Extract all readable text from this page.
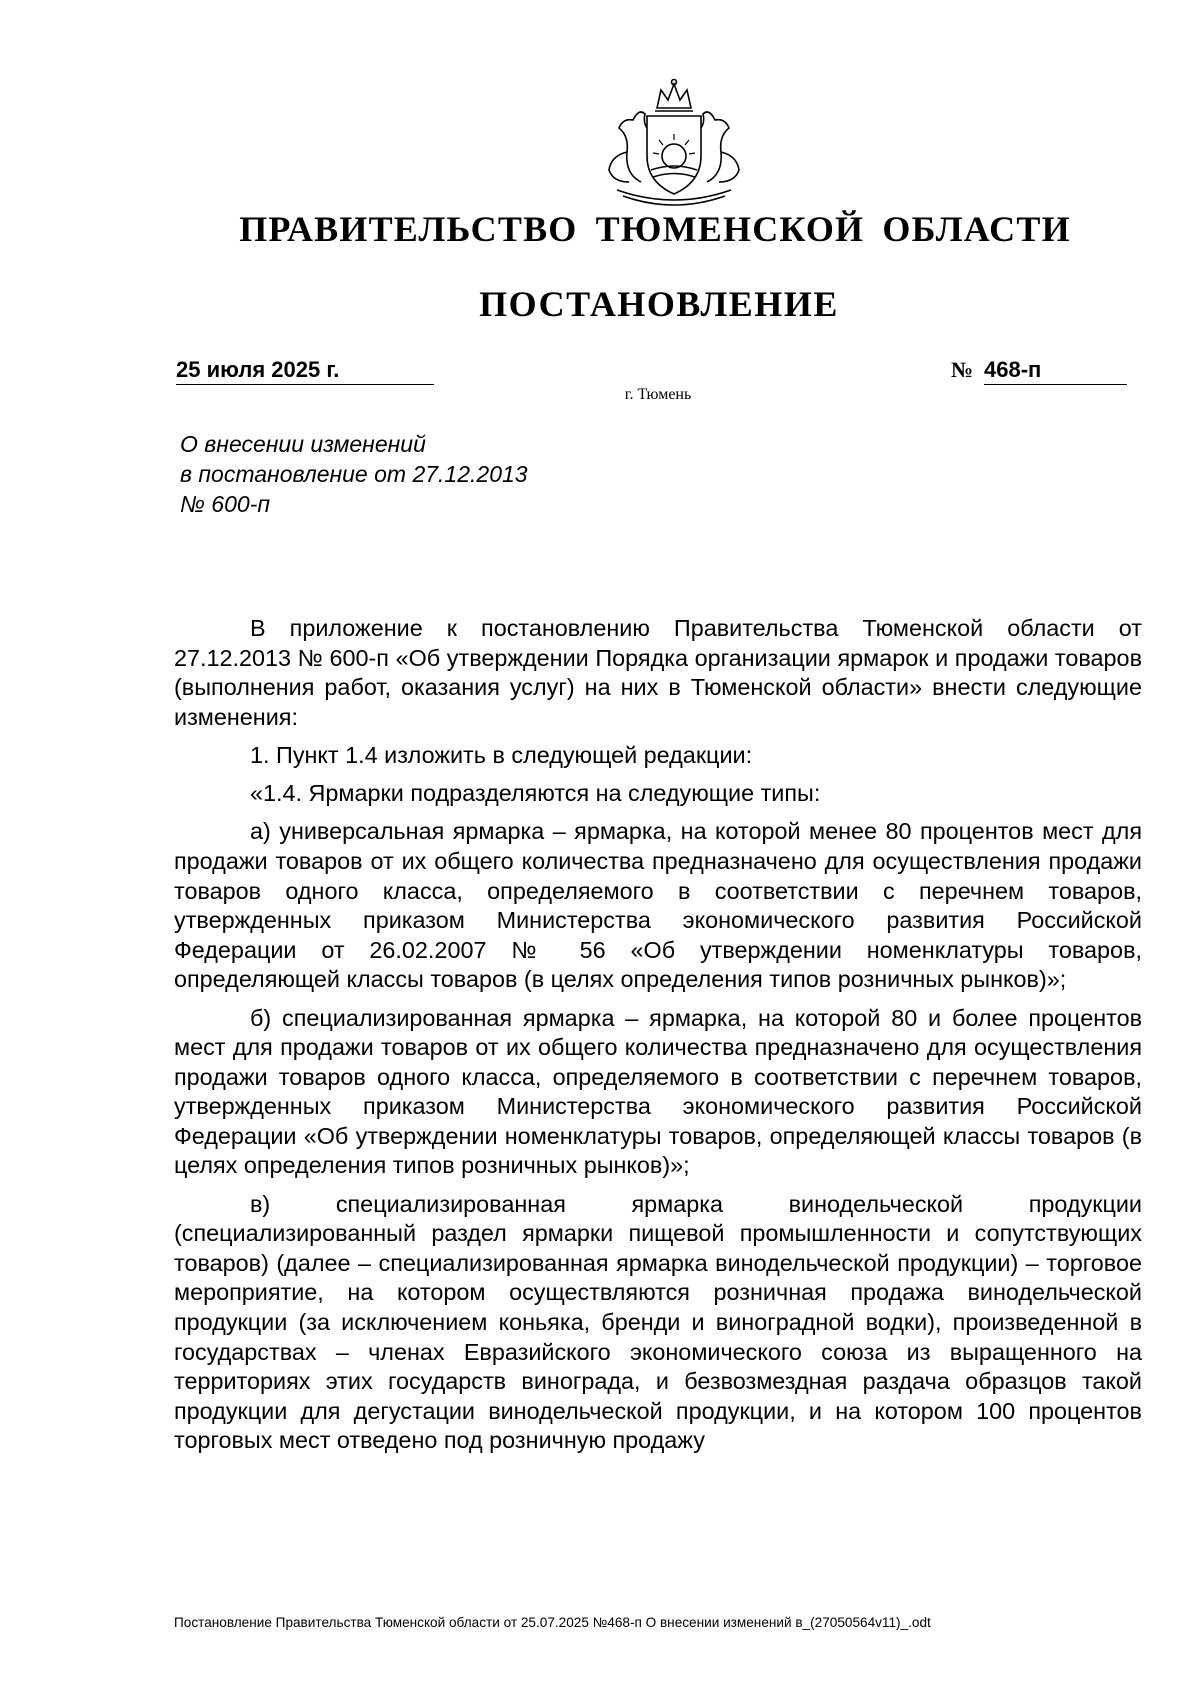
ПРАВИТЕЛЬСТВО ТЮМЕНСКОЙ ОБЛАСТИ
ПОСТАНОВЛЕНИЕ
25 июля 2025 г.	№ 468-п
г. Тюмень
О внесении изменений
в постановление от 27.12.2013
№ 600-п

В приложение к постановлению Правительства Тюменской области от 27.12.2013 № 600-п «Об утверждении Порядка организации ярмарок и продажи товаров (выполнения работ, оказания услуг) на них в Тюменской области» внести следующие изменения:

1. Пункт 1.4 изложить в следующей редакции:

«1.4. Ярмарки подразделяются на следующие типы:

а) универсальная ярмарка – ярмарка, на которой менее 80 процентов мест для продажи товаров от их общего количества предназначено для осуществления продажи товаров одного класса, определяемого в соответствии с перечнем товаров, утвержденных приказом Министерства экономического развития Российской Федерации от 26.02.2007 № 56 «Об утверждении номенклатуры товаров, определяющей классы товаров (в целях определения типов розничных рынков)»;

б) специализированная ярмарка – ярмарка, на которой 80 и более процентов мест для продажи товаров от их общего количества предназначено для осуществления продажи товаров одного класса, определяемого в соответствии с перечнем товаров, утвержденных приказом Министерства экономического развития Российской Федерации «Об утверждении номенклатуры товаров, определяющей классы товаров (в целях определения типов розничных рынков)»;

в) специализированная ярмарка винодельческой продукции (специализированный раздел ярмарки пищевой промышленности и сопутствующих товаров) (далее – специализированная ярмарка винодельческой продукции) – торговое мероприятие, на котором осуществляются розничная продажа винодельческой продукции (за исключением коньяка, бренди и виноградной водки), произведенной в государствах – членах Евразийского экономического союза из выращенного на территориях этих государств винограда, и безвозмездная раздача образцов такой продукции для дегустации винодельческой продукции, и на котором 100 процентов торговых мест отведено под розничную продажу

Постановление Правительства Тюменской области от 25.07.2025 №468-п О внесении изменений в_(27050564v11)_.odt
